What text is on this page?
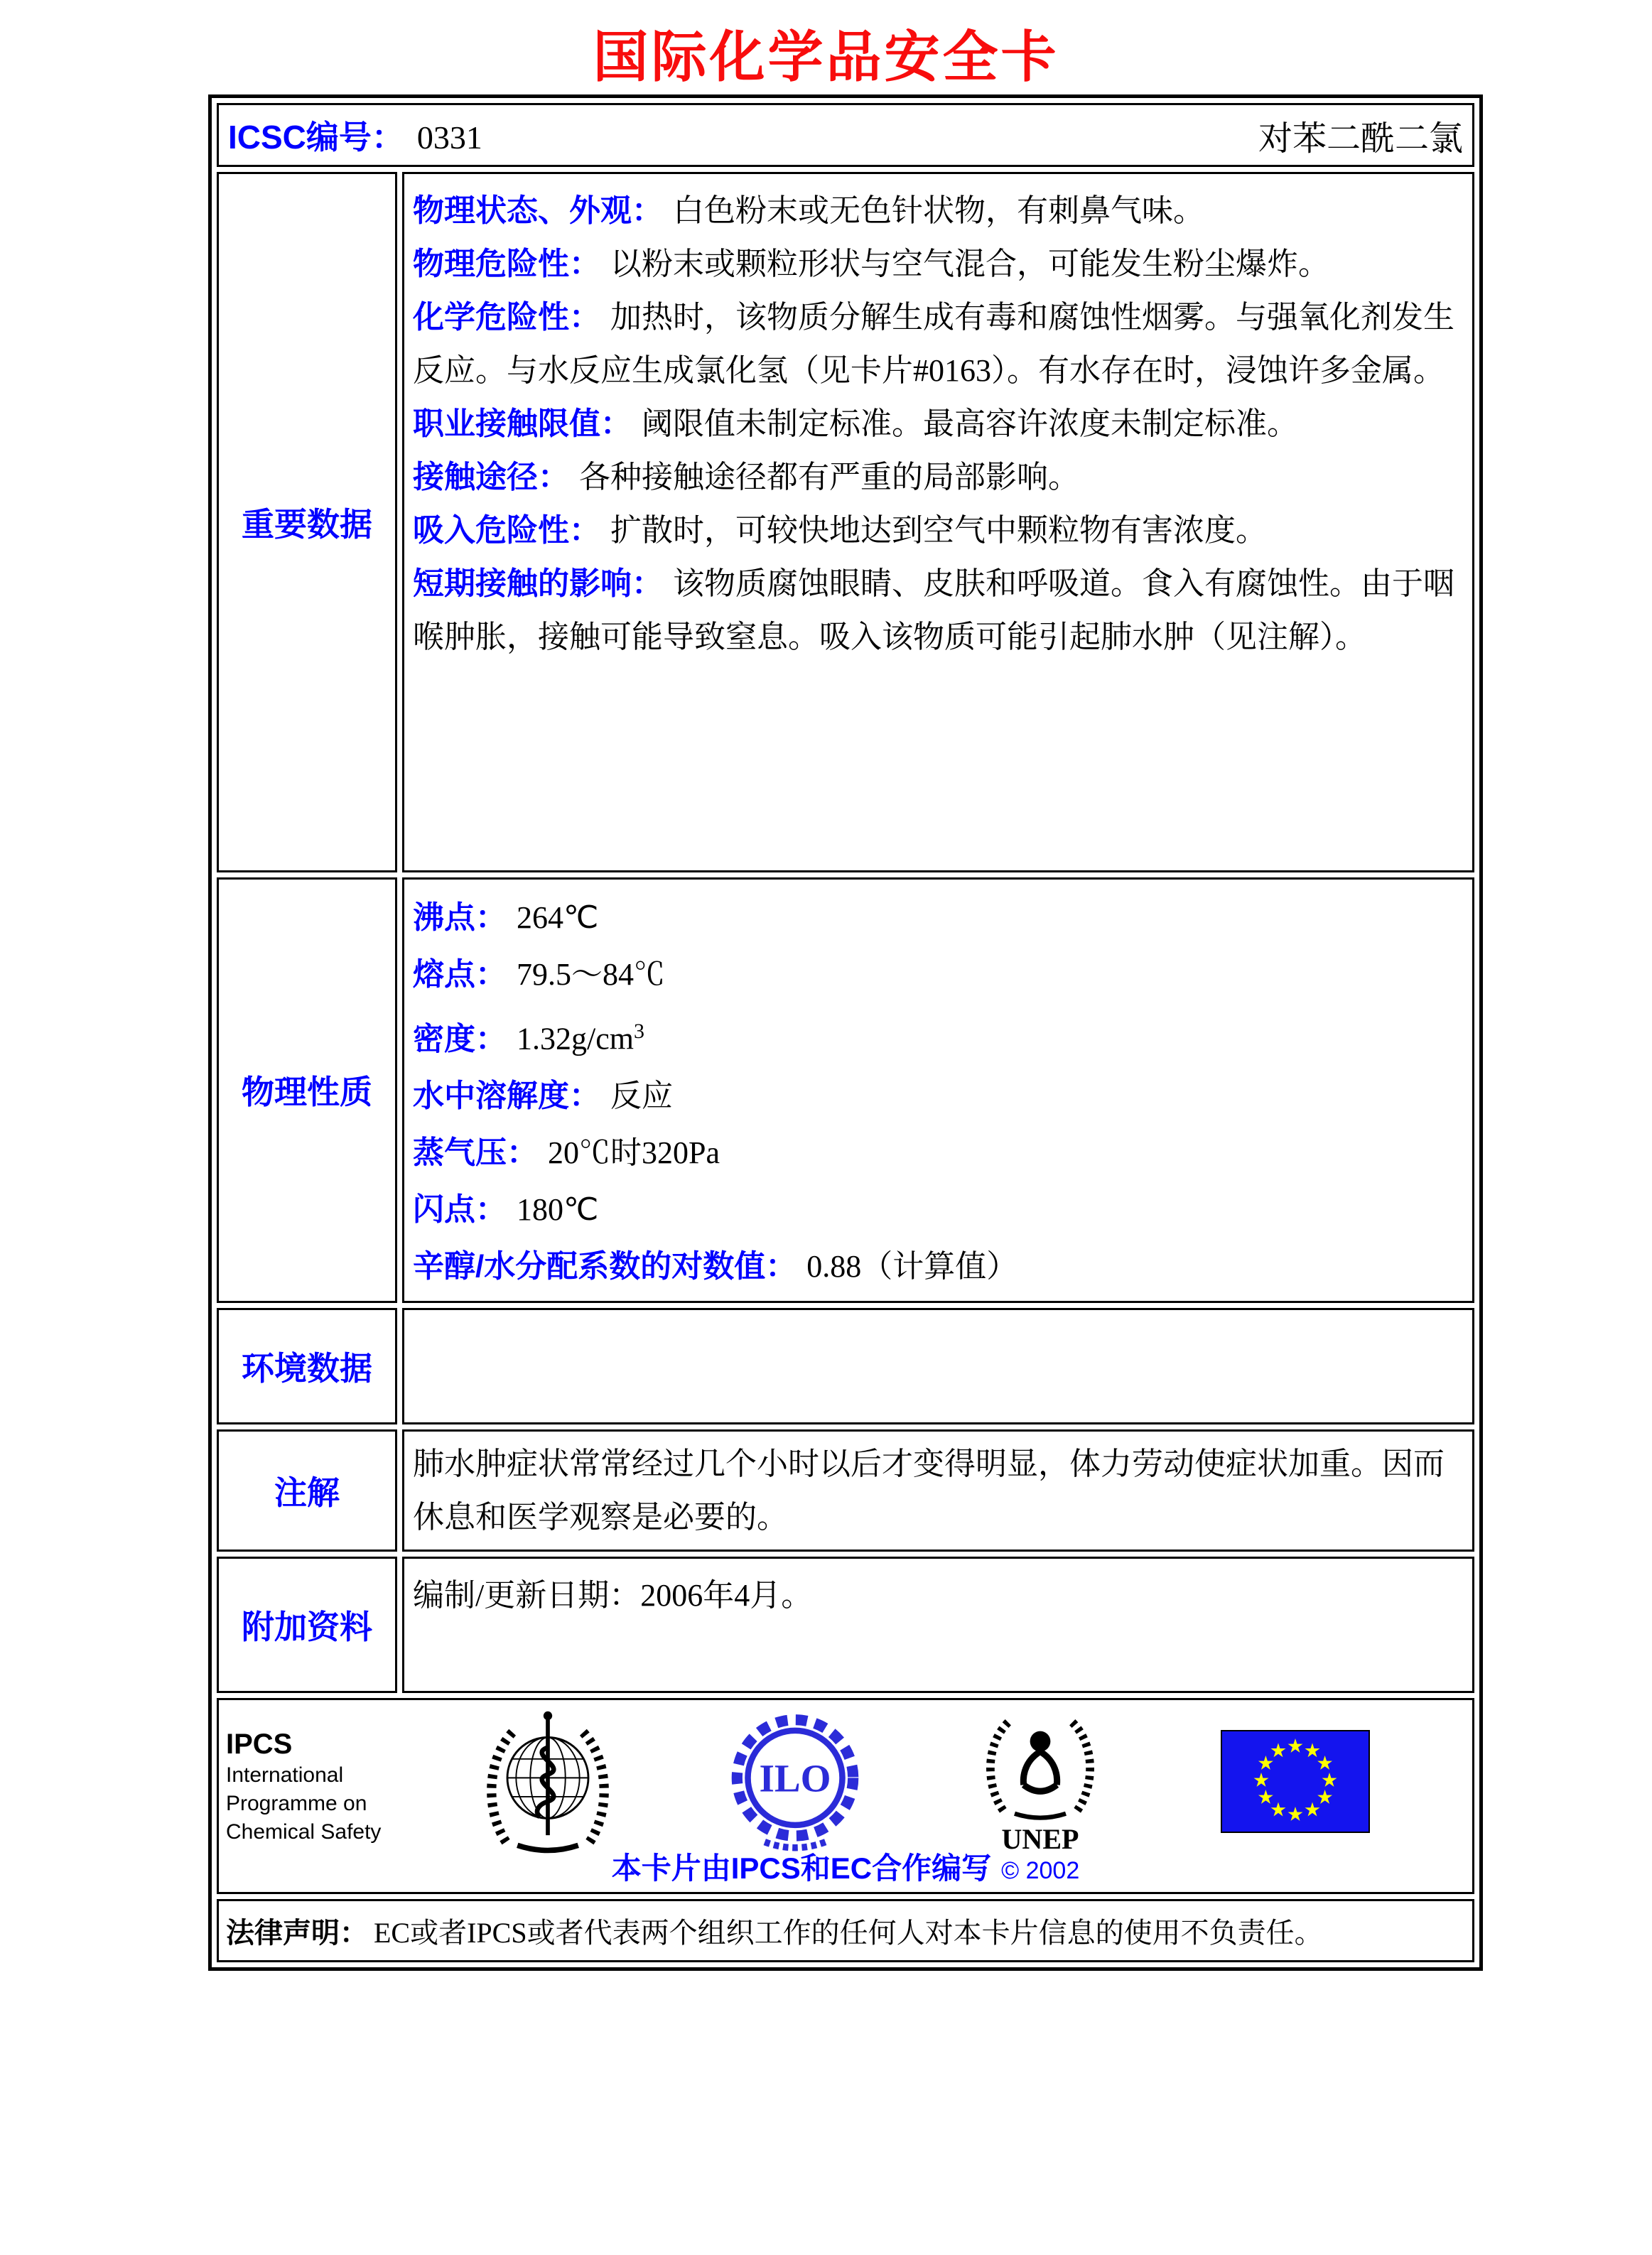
国际化学品安全卡
ICSC编号： 0331 对苯二酰二氯	

重要数据	
物理状态、外观： 白色粉末或无色针状物，有刺鼻气味。
物理危险性： 以粉末或颗粒形状与空气混合，可能发生粉尘爆炸。
化学危险性： 加热时，该物质分解生成有毒和腐蚀性烟雾。与强氧化剂发生反应。与水反应生成氯化氢（见卡片#0163）。有水存在时，浸蚀许多金属。
职业接触限值： 阈限值未制定标准。最高容许浓度未制定标准。
接触途径： 各种接触途径都有严重的局部影响。
吸入危险性： 扩散时，可较快地达到空气中颗粒物有害浓度。
短期接触的影响： 该物质腐蚀眼睛、皮肤和呼吸道。食入有腐蚀性。由于咽喉肿胀，接触可能导致窒息。吸入该物质可能引起肺水肿（见注解）。

物理性质	
沸点： 264℃
熔点： 79.5～84℃
密度： $1.32g/cm^3$
水中溶解度： 反应
蒸气压： 20℃时320Pa
闪点： 180℃
辛醇/水分配系数的对数值： 0.88（计算值）

环境数据	
注解	肺水肿症状常常经过几个小时以后才变得明显，体力劳动使症状加重。因而休息和医学观察是必要的。

附加资料	编制/更新日期：2006年4月。

IPCS
International
Programme on
Chemical Safety
ILO
UNEP
本卡片由IPCS和EC合作编写 © 2002

法律声明： EC或者IPCS或者代表两个组织工作的任何人对本卡片信息的使用不负责任。	
